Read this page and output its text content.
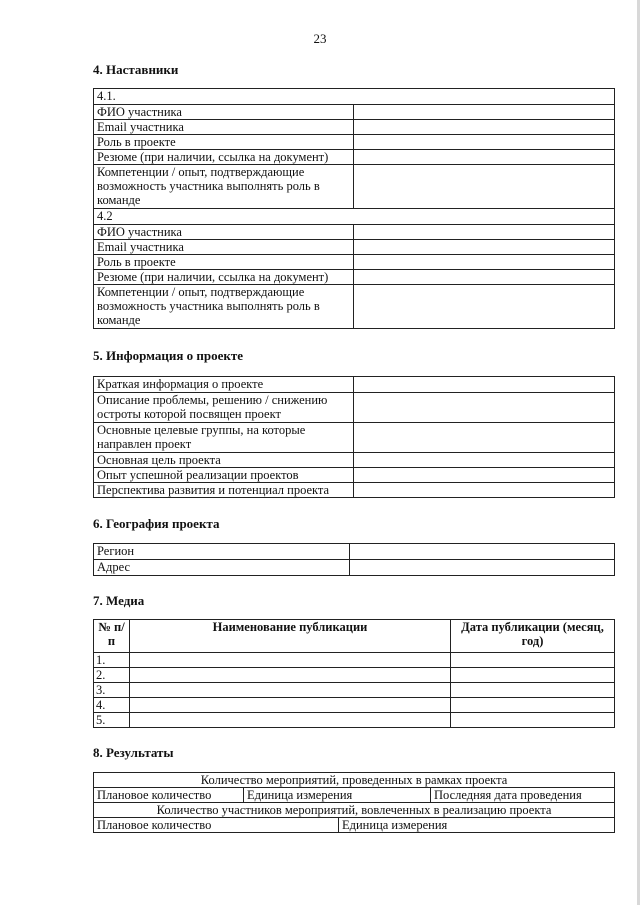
23
4. Наставники
4.1.	
ФИО участника	
Email участника	
Роль в проекте	
Резюме (при наличии, ссылка на документ)	
Компетенции / опыт, подтверждающие возможность участника выполнять роль в команде	
4.2	
ФИО участника	
Email участника	
Роль в проекте	
Резюме (при наличии, ссылка на документ)	
Компетенции / опыт, подтверждающие возможность участника выполнять роль в команде	
5. Информация о проекте
Краткая информация о проекте	
Описание проблемы, решению / снижению остроты которой посвящен проект	
Основные целевые группы, на которые направлен проект	
Основная цель проекта	
Опыт успешной реализации проектов	
Перспектива развития и потенциал проекта	
6. География проекта
Регион	
Адрес	
7. Медиа
№ п/п	Наименование публикации	Дата публикации (месяц, год)
1.		
2.		
3.		
4.		
5.		
8. Результаты
Количество мероприятий, проведенных в рамках проекта			
Плановое количество	Единица измерения		Последняя дата проведения
Количество участников мероприятий, вовлеченных в реализацию проекта			
Плановое количество		Единица измерения	
